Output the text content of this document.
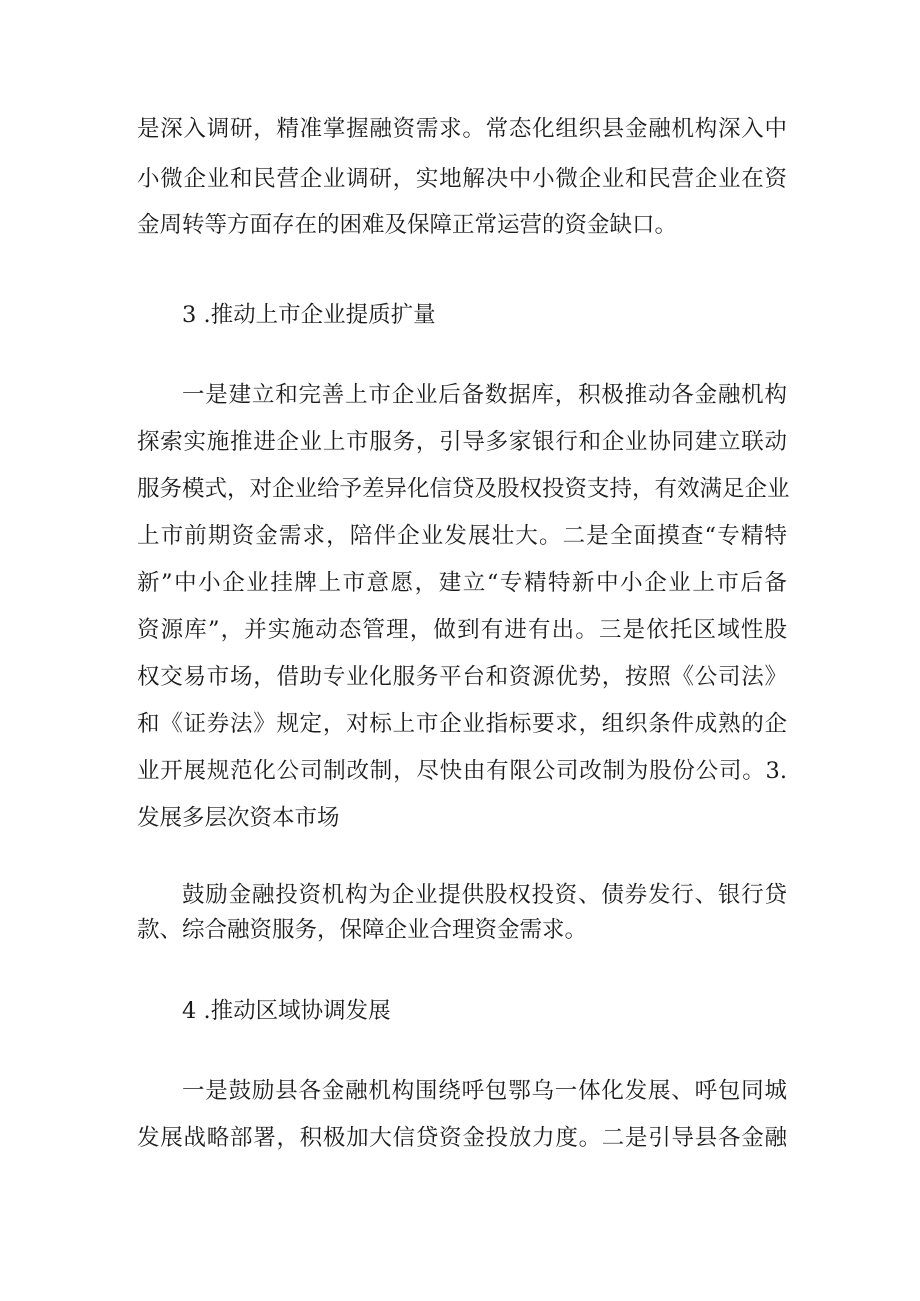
是深入调研，精准掌握融资需求。常态化组织县金融机构深入中
小微企业和民营企业调研，实地解决中小微企业和民营企业在资
金周转等方面存在的困难及保障正常运营的资金缺口。
3 .推动上市企业提质扩量
一是建立和完善上市企业后备数据库，积极推动各金融机构
探索实施推进企业上市服务，引导多家银行和企业协同建立联动
服务模式，对企业给予差异化信贷及股权投资支持，有效满足企业
上市前期资金需求，陪伴企业发展壮大。二是全面摸查“专精特
新”中小企业挂牌上市意愿，建立“专精特新中小企业上市后备
资源库”，并实施动态管理，做到有进有出。三是依托区域性股
权交易市场，借助专业化服务平台和资源优势，按照《公司法》
和《证券法》规定，对标上市企业指标要求，组织条件成熟的企
业开展规范化公司制改制，尽快由有限公司改制为股份公司。3.
发展多层次资本市场
鼓励金融投资机构为企业提供股权投资、债券发行、银行贷
款、综合融资服务，保障企业合理资金需求。
4 .推动区域协调发展
一是鼓励县各金融机构围绕呼包鄂乌一体化发展、呼包同城
发展战略部署，积极加大信贷资金投放力度。二是引导县各金融
